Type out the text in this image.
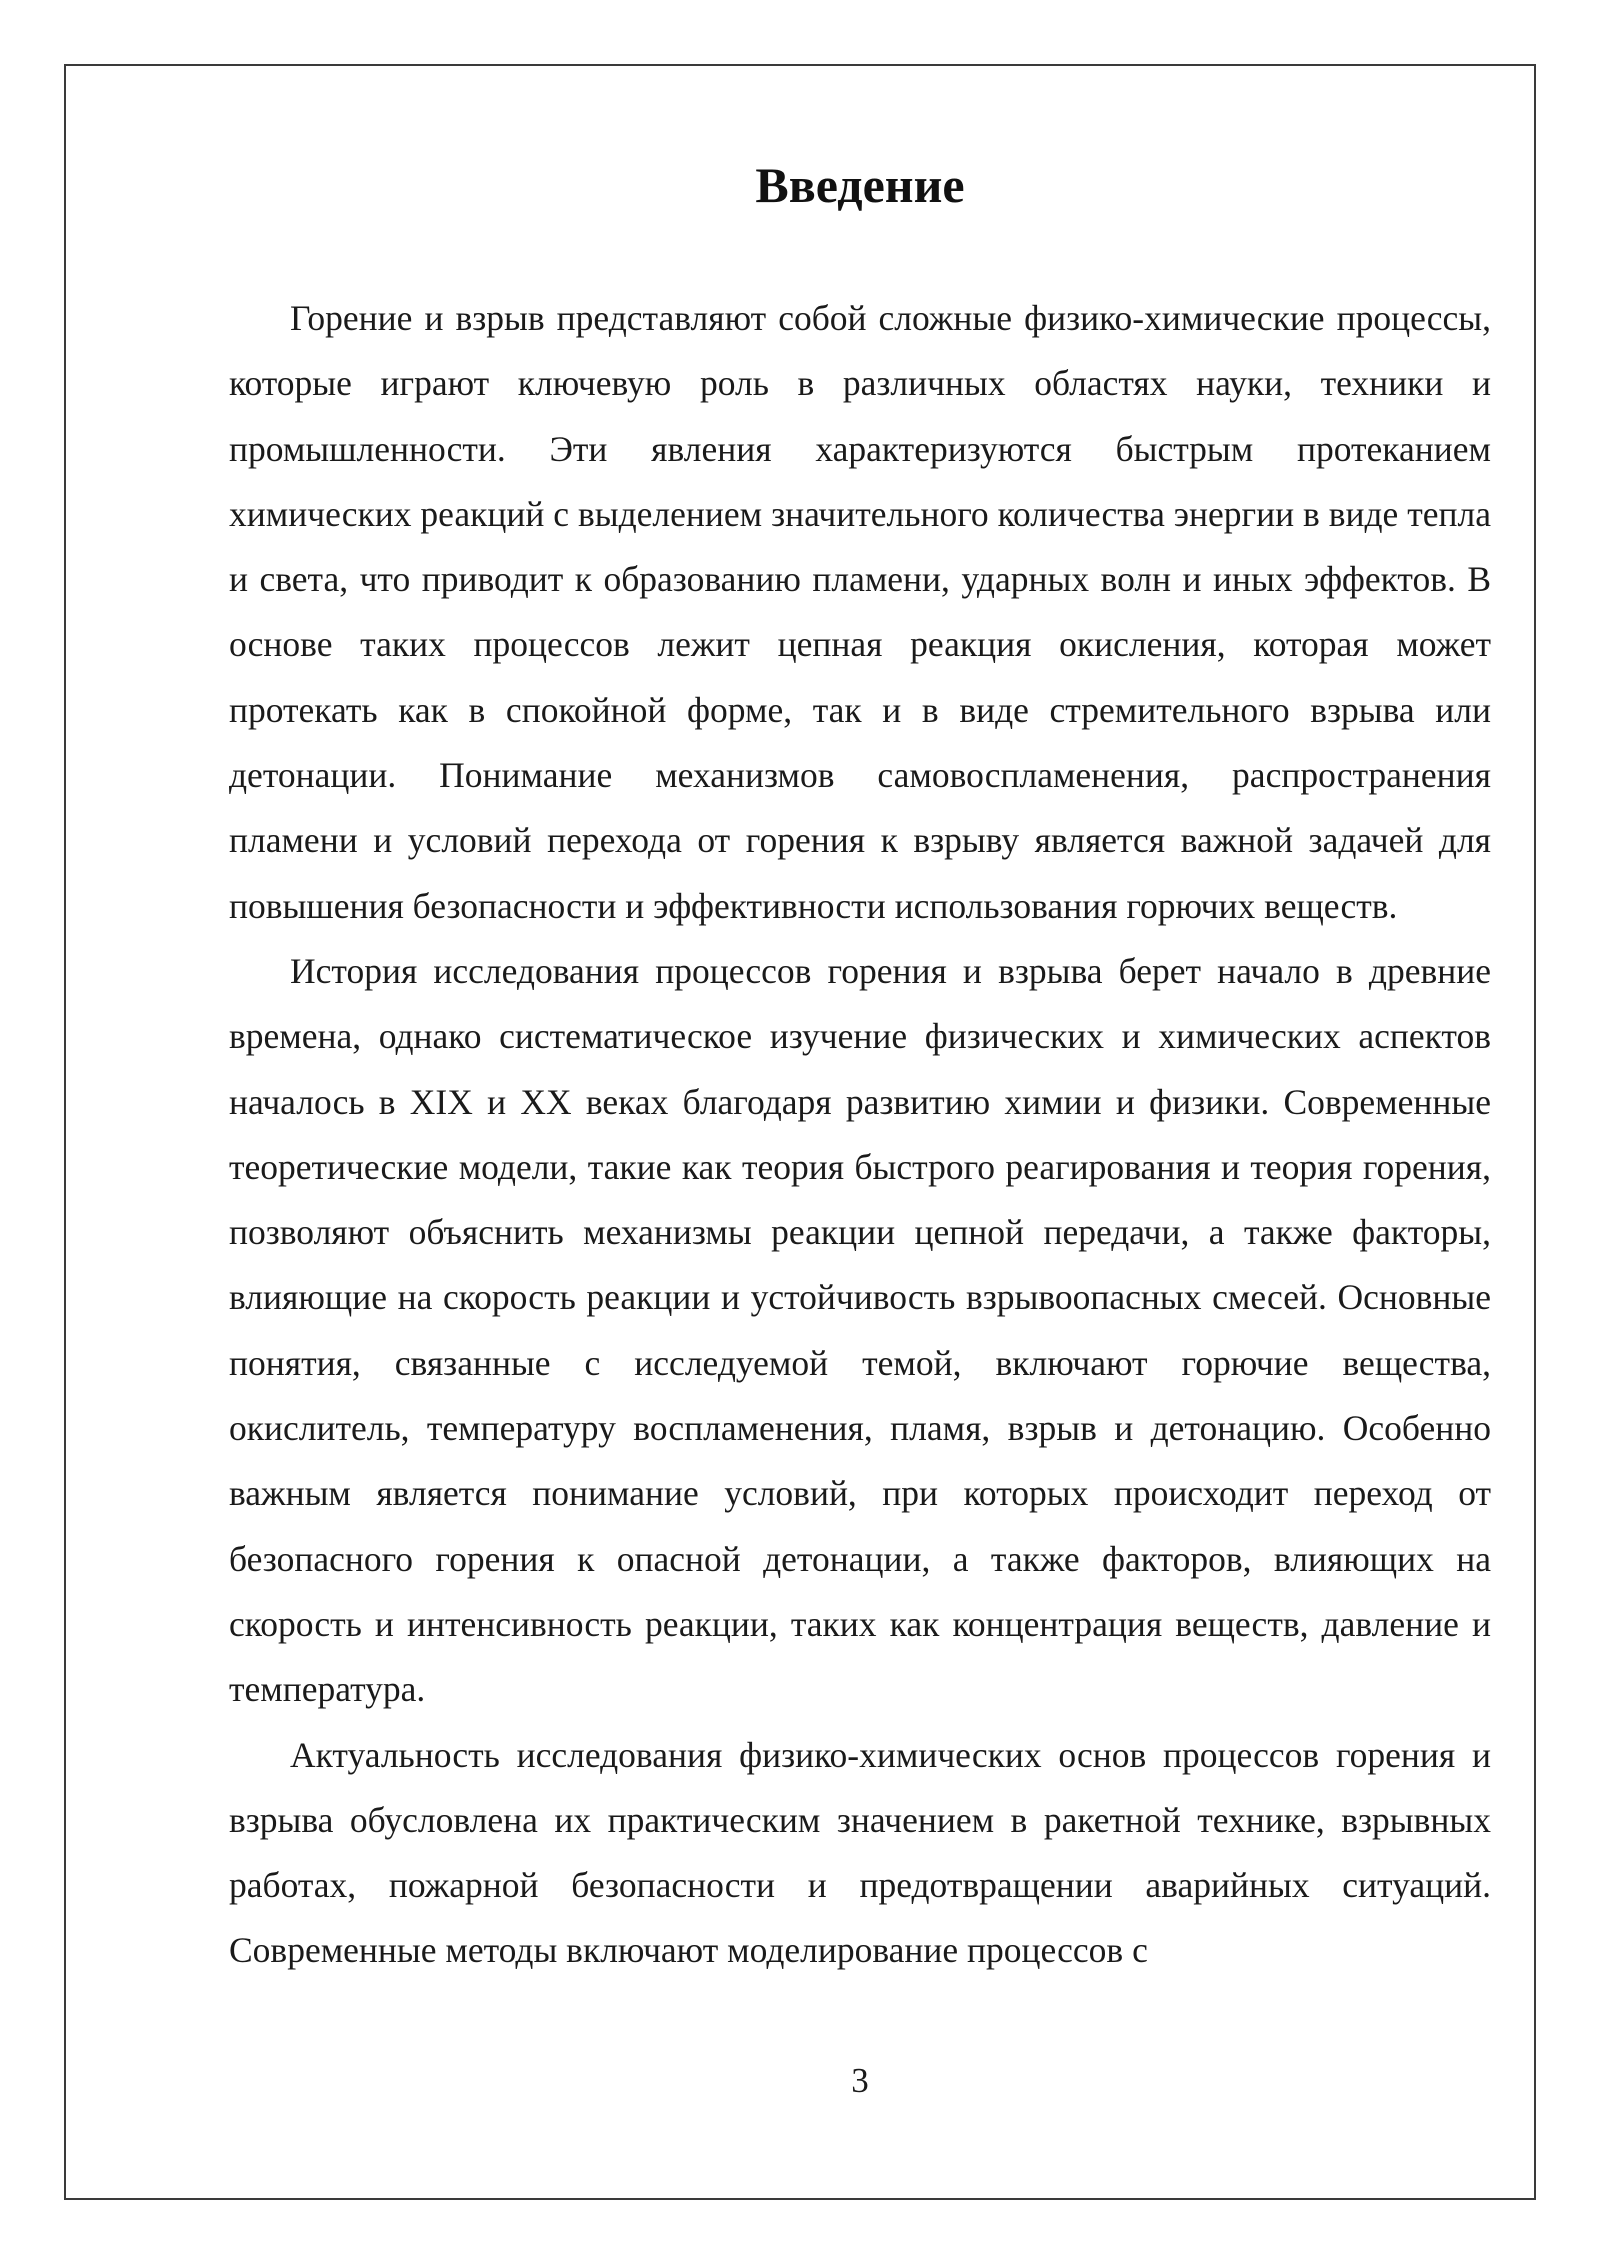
Введение

Горение и взрыв представляют собой сложные физико-химические процессы, которые играют ключевую роль в различных областях науки, техники и промышленности. Эти явления характеризуются быстрым протеканием химических реакций с выделением значительного количества энергии в виде тепла и света, что приводит к образованию пламени, ударных волн и иных эффектов. В основе таких процессов лежит цепная реакция окисления, которая может протекать как в спокойной форме, так и в виде стремительного взрыва или детонации. Понимание механизмов самовоспламенения, распространения пламени и условий перехода от горения к взрыву является важной задачей для повышения безопасности и эффективности использования горючих веществ.

История исследования процессов горения и взрыва берет начало в древние времена, однако систематическое изучение физических и химических аспектов началось в XIX и XX веках благодаря развитию химии и физики. Современные теоретические модели, такие как теория быстрого реагирования и теория горения, позволяют объяснить механизмы реакции цепной передачи, а также факторы, влияющие на скорость реакции и устойчивость взрывоопасных смесей. Основные понятия, связанные с исследуемой темой, включают горючие вещества, окислитель, температуру воспламенения, пламя, взрыв и детонацию. Особенно важным является понимание условий, при которых происходит переход от безопасного горения к опасной детонации, а также факторов, влияющих на скорость и интенсивность реакции, таких как концентрация веществ, давление и температура.

Актуальность исследования физико-химических основ процессов горения и взрыва обусловлена их практическим значением в ракетной технике, взрывных работах, пожарной безопасности и предотвращении аварийных ситуаций. Современные методы включают моделирование процессов с

3
